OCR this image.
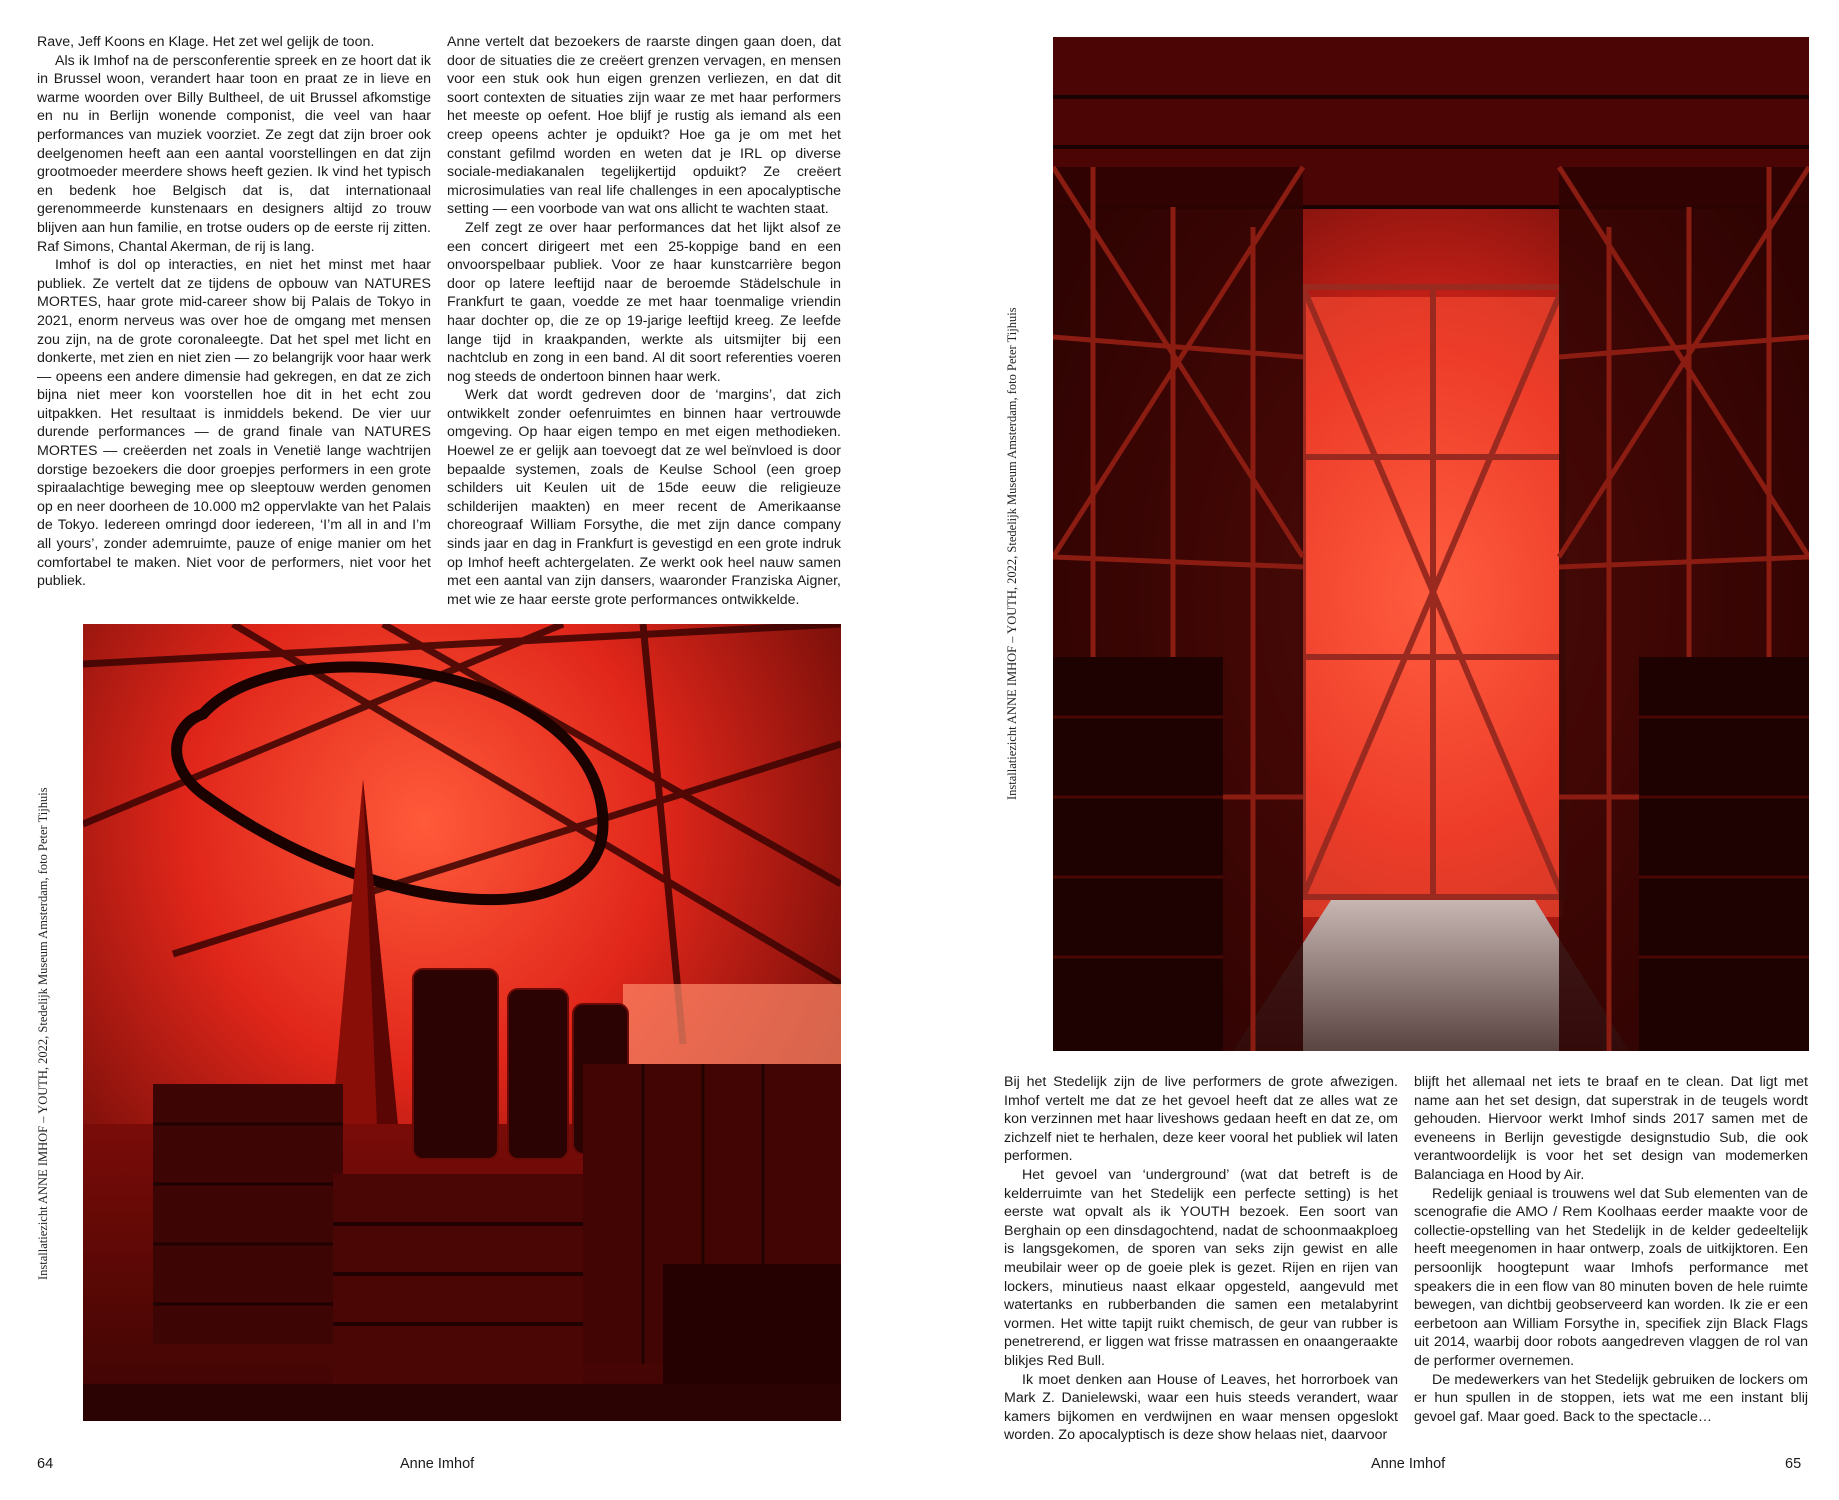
Rave, Jeff Koons en Klage. Het zet wel gelijk de toon.

Als ik Imhof na de persconferentie spreek en ze hoort dat ik in Brussel woon, verandert haar toon en praat ze in lieve en warme woorden over Billy Bultheel, de uit Brussel afkomstige en nu in Berlijn wonende componist, die veel van haar performances van muziek voorziet. Ze zegt dat zijn broer ook deelgenomen heeft aan een aantal voorstellingen en dat zijn grootmoeder meerdere shows heeft gezien. Ik vind het typisch en bedenk hoe Belgisch dat is, dat internationaal gerenommeerde kunstenaars en designers altijd zo trouw blijven aan hun familie, en trotse ouders op de eerste rij zitten. Raf Simons, Chantal Akerman, de rij is lang.

Imhof is dol op interacties, en niet het minst met haar publiek. Ze vertelt dat ze tijdens de opbouw van NATURES MORTES, haar grote mid-career show bij Palais de Tokyo in 2021, enorm nerveus was over hoe de omgang met mensen zou zijn, na de grote coronaleegte. Dat het spel met licht en donkerte, met zien en niet zien — zo belangrijk voor haar werk — opeens een andere dimensie had gekregen, en dat ze zich bijna niet meer kon voorstellen hoe dit in het echt zou uitpakken. Het resultaat is inmiddels bekend. De vier uur durende performances — de grand finale van NATURES MORTES — creëerden net zoals in Venetië lange wachtrijen dorstige bezoekers die door groepjes performers in een grote spiraalachtige beweging mee op sleeptouw werden genomen op en neer doorheen de 10.000 m2 oppervlakte van het Palais de Tokyo. Iedereen omringd door iedereen, ‘I’m all in and I’m all yours’, zonder ademruimte, pauze of enige manier om het comfortabel te maken. Niet voor de performers, niet voor het publiek.

Anne vertelt dat bezoekers de raarste dingen gaan doen, dat door de situaties die ze creëert grenzen vervagen, en mensen voor een stuk ook hun eigen grenzen verliezen, en dat dit soort contexten de situaties zijn waar ze met haar performers het meeste op oefent. Hoe blijf je rustig als iemand als een creep opeens achter je opduikt? Hoe ga je om met het constant gefilmd worden en weten dat je IRL op diverse sociale-mediakanalen tegelijkertijd opduikt? Ze creëert microsimulaties van real life challenges in een apocalyptische setting — een voorbode van wat ons allicht te wachten staat.

Zelf zegt ze over haar performances dat het lijkt alsof ze een concert dirigeert met een 25-koppige band en een onvoorspelbaar publiek. Voor ze haar kunstcarrière begon door op latere leeftijd naar de beroemde Städelschule in Frankfurt te gaan, voedde ze met haar toenmalige vriendin haar dochter op, die ze op 19-jarige leeftijd kreeg. Ze leefde lange tijd in kraakpanden, werkte als uitsmijter bij een nachtclub en zong in een band. Al dit soort referenties voeren nog steeds de ondertoon binnen haar werk.

Werk dat wordt gedreven door de ‘margins’, dat zich ontwikkelt zonder oefenruimtes en binnen haar vertrouwde omgeving. Op haar eigen tempo en met eigen methodieken. Hoewel ze er gelijk aan toevoegt dat ze wel beïnvloed is door bepaalde systemen, zoals de Keulse School (een groep schilders uit Keulen uit de 15de eeuw die religieuze schilderijen maakten) en meer recent de Amerikaanse choreograaf William Forsythe, die met zijn dance company sinds jaar en dag in Frankfurt is gevestigd en een grote indruk op Imhof heeft achtergelaten. Ze werkt ook heel nauw samen met een aantal van zijn dansers, waaronder Franziska Aigner, met wie ze haar eerste grote performances ontwikkelde.

Installatiezicht ANNE IMHOF – YOUTH, 2022, Stedelijk Museum Amsterdam, foto Peter Tijhuis
Installatiezicht ANNE IMHOF – YOUTH, 2022, Stedelijk Museum Amsterdam, foto Peter Tijhuis

Bij het Stedelijk zijn de live performers de grote afwezigen. Imhof vertelt me dat ze het gevoel heeft dat ze alles wat ze kon verzinnen met haar liveshows gedaan heeft en dat ze, om zichzelf niet te herhalen, deze keer vooral het publiek wil laten performen.

Het gevoel van ‘underground’ (wat dat betreft is de kelderruimte van het Stedelijk een perfecte setting) is het eerste wat opvalt als ik YOUTH bezoek. Een soort van Berghain op een dinsdagochtend, nadat de schoonmaakploeg is langsgekomen, de sporen van seks zijn gewist en alle meubilair weer op de goeie plek is gezet. Rijen en rijen van lockers, minutieus naast elkaar opgesteld, aangevuld met watertanks en rubberbanden die samen een metalabyrint vormen. Het witte tapijt ruikt chemisch, de geur van rubber is penetrerend, er liggen wat frisse matrassen en onaangeraakte blikjes Red Bull.

Ik moet denken aan House of Leaves, het horrorboek van Mark Z. Danielewski, waar een huis steeds verandert, waar kamers bijkomen en verdwijnen en waar mensen opgeslokt worden. Zo apocalyptisch is deze show helaas niet, daarvoor

blijft het allemaal net iets te braaf en te clean. Dat ligt met name aan het set design, dat superstrak in de teugels wordt gehouden. Hiervoor werkt Imhof sinds 2017 samen met de eveneens in Berlijn gevestigde designstudio Sub, die ook verantwoordelijk is voor het set design van modemerken Balanciaga en Hood by Air.

Redelijk geniaal is trouwens wel dat Sub elementen van de scenografie die AMO / Rem Koolhaas eerder maakte voor de collectie-opstelling van het Stedelijk in de kelder gedeeltelijk heeft meegenomen in haar ontwerp, zoals de uitkijktoren. Een persoonlijk hoogtepunt waar Imhofs performance met speakers die in een flow van 80 minuten boven de hele ruimte bewegen, van dichtbij geobserveerd kan worden. Ik zie er een eerbetoon aan William Forsythe in, specifiek zijn Black Flags uit 2014, waarbij door robots aangedreven vlaggen de rol van de performer overnemen.

De medewerkers van het Stedelijk gebruiken de lockers om er hun spullen in de stoppen, iets wat me een instant blij gevoel gaf. Maar goed. Back to the spectacle…

64	Anne Imhof	Anne Imhof	65
